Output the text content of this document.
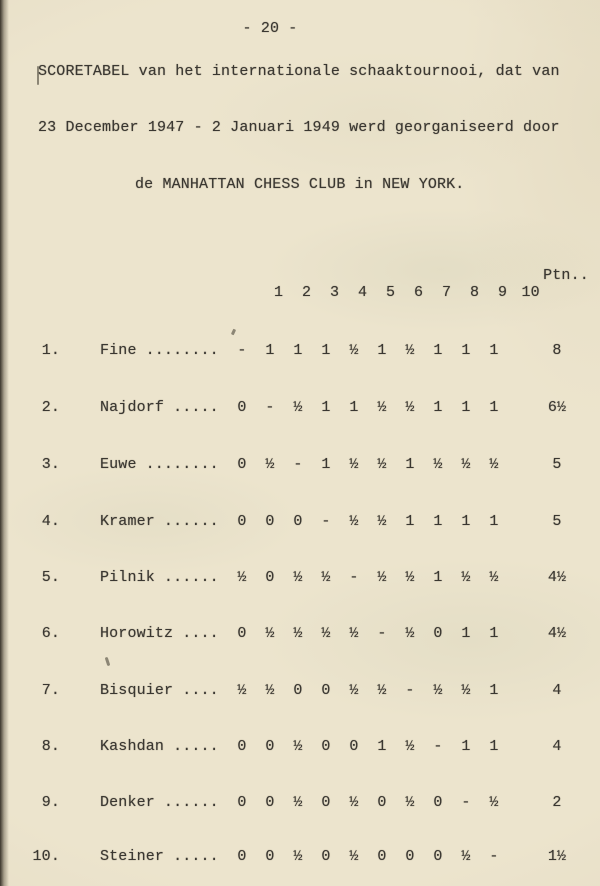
- 20 -
SCORETABEL van het internationale schaaktournooi, dat van
23 December 1947 - 2 Januari 1949 werd georganiseerd door
de MANHATTAN CHESS CLUB in NEW YORK.

1 2 3 4 5 6 7 8 9 10

Ptn..
1.	Fine ........	- 1 1 1 ½ 1 ½ 1 1 1	8
2.	Najdorf .....	0 - ½ 1 1 ½ ½ 1 1 1	6½
3.	Euwe ........	0 ½ - 1 ½ ½ 1 ½ ½ ½	5
4.	Kramer ......	0 0 0 - ½ ½ 1 1 1 1	5
5.	Pilnik ......	½ 0 ½ ½ - ½ ½ 1 ½ ½	4½
6.	Horowitz ....	0 ½ ½ ½ ½ - ½ 0 1 1	4½
7.	Bisquier ....	½ ½ 0 0 ½ ½ - ½ ½ 1	4
8.	Kashdan .....	0 0 ½ 0 0 1 ½ - 1 1	4
9.	Denker ......	0 0 ½ 0 ½ 0 ½ 0 - ½	2
10.	Steiner .....	0 0 ½ 0 ½ 0 0 0 ½ -	1½
